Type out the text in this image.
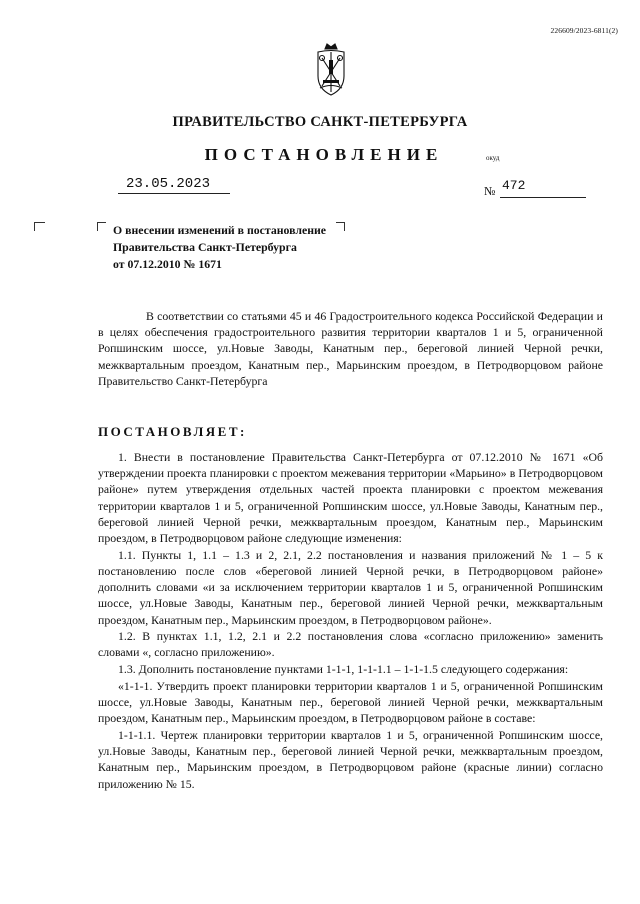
226609/2023-6811(2)
ПРАВИТЕЛЬСТВО САНКТ-ПЕТЕРБУРГА
ПОСТАНОВЛЕНИЕ	окуд
23.05.2023	№ 472
О внесении изменений в постановление
Правительства Санкт-Петербурга
от 07.12.2010 № 1671
В соответствии со статьями 45 и 46 Градостроительного кодекса Российской Федерации и в целях обеспечения градостроительного развития территории кварталов 1 и 5, ограниченной Ропшинским шоссе, ул.Новые Заводы, Канатным пер., береговой линией Черной речки, межквартальным проездом, Канатным пер., Марьинским проездом, в Петродворцовом районе Правительство Санкт-Петербурга
ПОСТАНОВЛЯЕТ:

1. Внести в постановление Правительства Санкт-Петербурга от 07.12.2010 № 1671 «Об утверждении проекта планировки с проектом межевания территории «Марьино» в Петродворцовом районе» путем утверждения отдельных частей проекта планировки с проектом межевания территории кварталов 1 и 5, ограниченной Ропшинским шоссе, ул.Новые Заводы, Канатным пер., береговой линией Черной речки, межквартальным проездом, Канатным пер., Марьинским проездом, в Петродворцовом районе следующие изменения:

1.1. Пункты 1, 1.1 – 1.3 и 2, 2.1, 2.2 постановления и названия приложений № 1 – 5 к постановлению после слов «береговой линией Черной речки, в Петродворцовом районе» дополнить словами «и за исключением территории кварталов 1 и 5, ограниченной Ропшинским шоссе, ул.Новые Заводы, Канатным пер., береговой линией Черной речки, межквартальным проездом, Канатным пер., Марьинским проездом, в Петродворцовом районе».

1.2. В пунктах 1.1, 1.2, 2.1 и 2.2 постановления слова «согласно приложению» заменить словами «, согласно приложению».

1.3. Дополнить постановление пунктами 1-1-1, 1-1-1.1 – 1-1-1.5 следующего содержания:

«1-1-1. Утвердить проект планировки территории кварталов 1 и 5, ограниченной Ропшинским шоссе, ул.Новые Заводы, Канатным пер., береговой линией Черной речки, межквартальным проездом, Канатным пер., Марьинским проездом, в Петродворцовом районе в составе:

1-1-1.1. Чертеж планировки территории кварталов 1 и 5, ограниченной Ропшинским шоссе, ул.Новые Заводы, Канатным пер., береговой линией Черной речки, межквартальным проездом, Канатным пер., Марьинским проездом, в Петродворцовом районе (красные линии) согласно приложению № 15.
